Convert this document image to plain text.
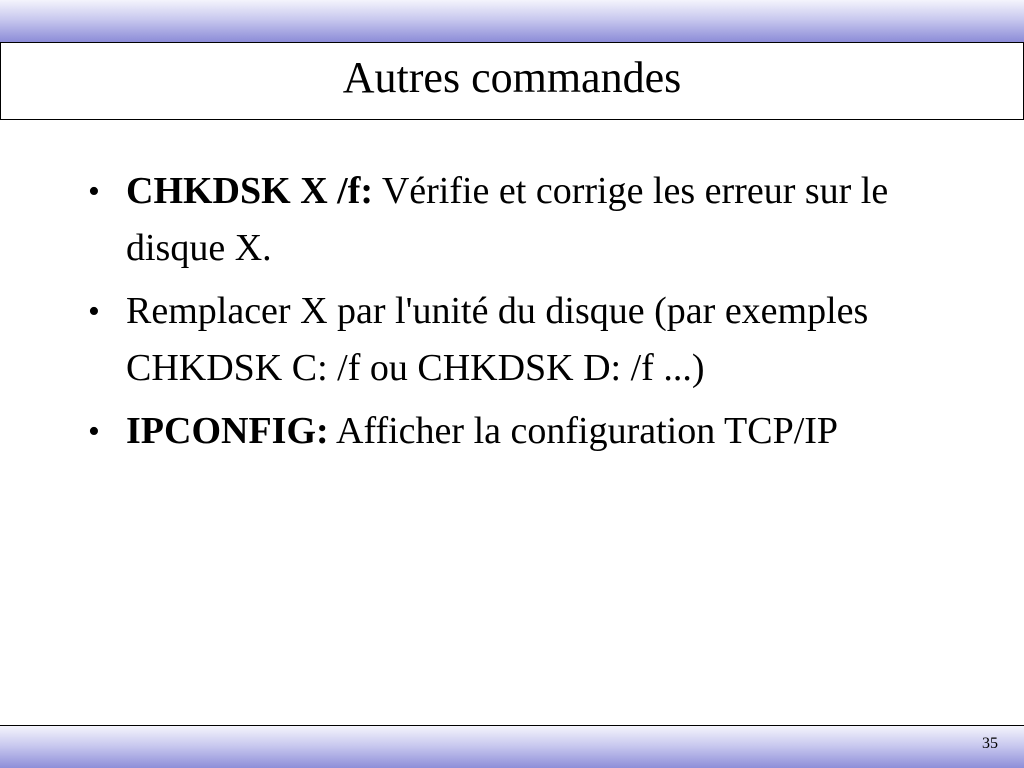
Autres commandes
• CHKDSK X /f: Vérifie et corrige les erreur sur le disque X.
• Remplacer X par l'unité du disque (par exemples CHKDSK C: /f ou CHKDSK D: /f ...)
• IPCONFIG: Afficher la configuration TCP/IP
35
